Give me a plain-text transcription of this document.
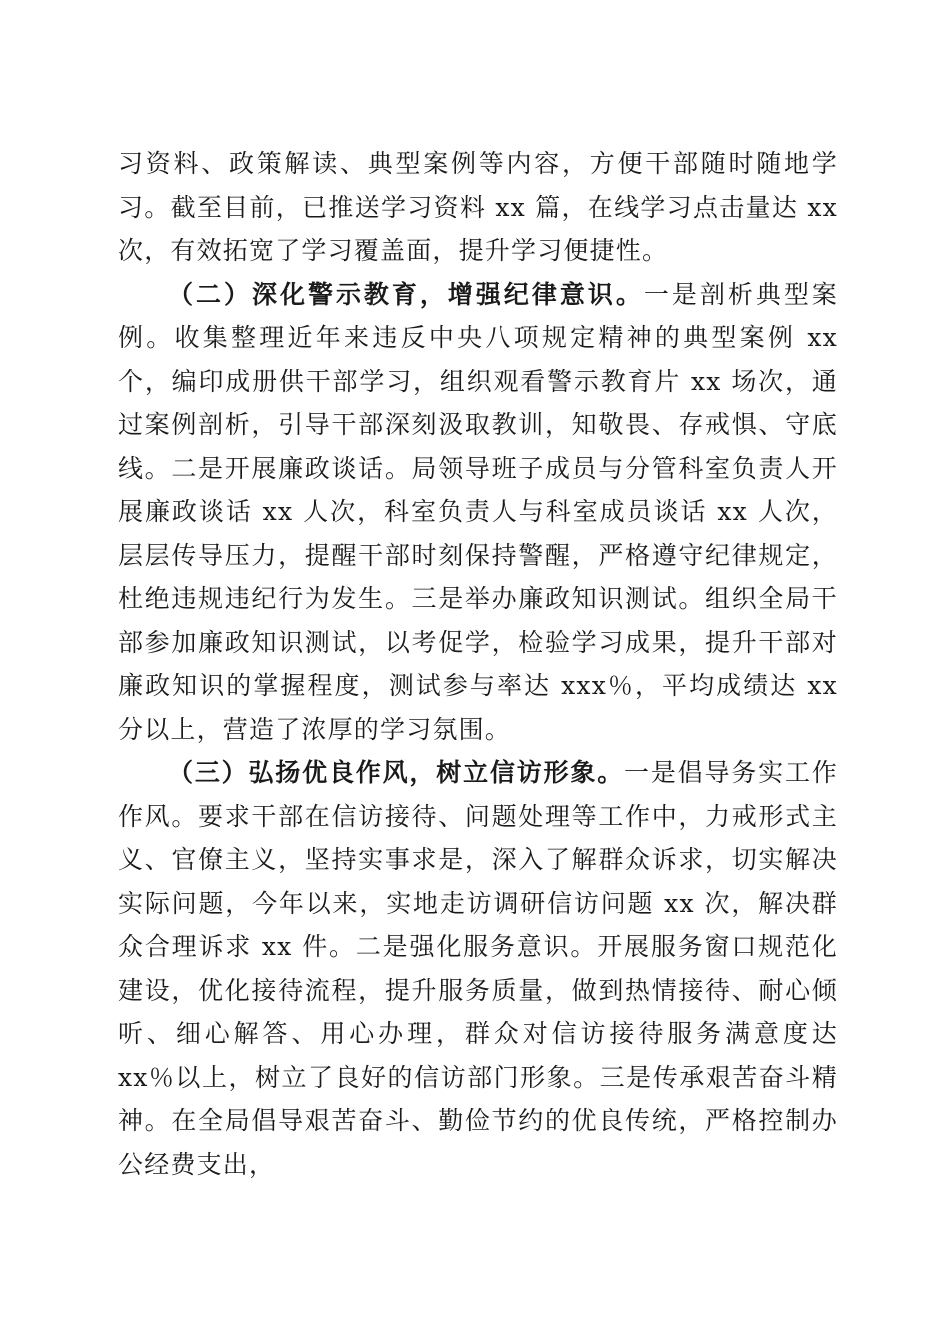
习资料、政策解读、典型案例等内容，方便干部随时随地学习。截至目前，已推送学习资料 xx 篇，在线学习点击量达 xx 次，有效拓宽了学习覆盖面，提升学习便捷性。

（二）深化警示教育，增强纪律意识。一是剖析典型案例。收集整理近年来违反中央八项规定精神的典型案例 xx 个，编印成册供干部学习，组织观看警示教育片 xx 场次，通过案例剖析，引导干部深刻汲取教训，知敬畏、存戒惧、守底线。二是开展廉政谈话。局领导班子成员与分管科室负责人开展廉政谈话 xx 人次，科室负责人与科室成员谈话 xx 人次，层层传导压力，提醒干部时刻保持警醒，严格遵守纪律规定，杜绝违规违纪行为发生。三是举办廉政知识测试。组织全局干部参加廉政知识测试，以考促学，检验学习成果，提升干部对廉政知识的掌握程度，测试参与率达 xxx％，平均成绩达 xx 分以上，营造了浓厚的学习氛围。

（三）弘扬优良作风，树立信访形象。一是倡导务实工作作风。要求干部在信访接待、问题处理等工作中，力戒形式主义、官僚主义，坚持实事求是，深入了解群众诉求，切实解决实际问题，今年以来，实地走访调研信访问题 xx 次，解决群众合理诉求 xx 件。二是强化服务意识。开展服务窗口规范化建设，优化接待流程，提升服务质量，做到热情接待、耐心倾听、细心解答、用心办理，群众对信访接待服务满意度达 xx％以上，树立了良好的信访部门形象。三是传承艰苦奋斗精神。在全局倡导艰苦奋斗、勤俭节约的优良传统，严格控制办公经费支出，
